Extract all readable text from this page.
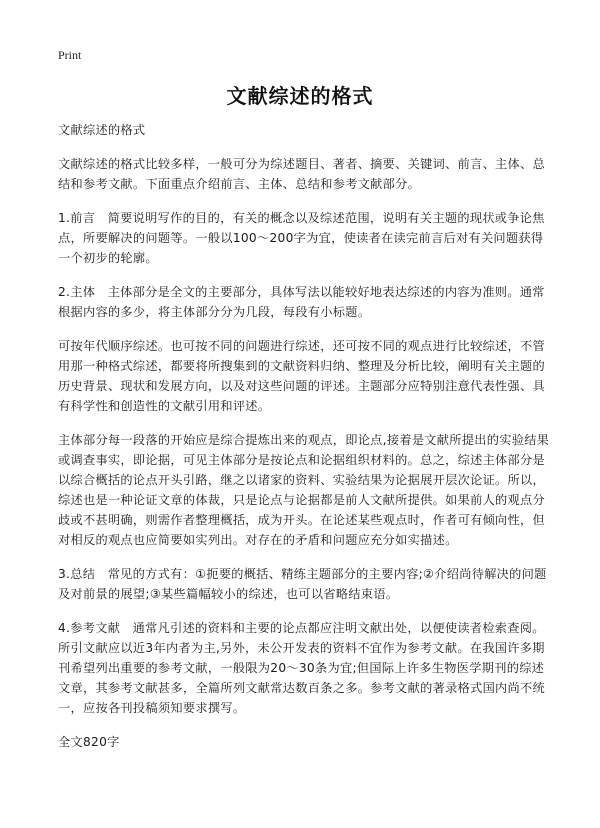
Print
文献综述的格式

文献综述的格式

文献综述的格式比较多样，一般可分为综述题目、著者、摘要、关键词、前言、主体、总结和参考文献。下面重点介绍前言、主体、总结和参考文献部分。

1.前言　简要说明写作的目的，有关的概念以及综述范围，说明有关主题的现状或争论焦点，所要解决的问题等。一般以100～200字为宜，使读者在读完前言后对有关问题获得一个初步的轮廓。

2.主体　主体部分是全文的主要部分，具体写法以能较好地表达综述的内容为准则。通常根据内容的多少，将主体部分分为几段，每段有小标题。

可按年代顺序综述。也可按不同的问题进行综述，还可按不同的观点进行比较综述，不管用那一种格式综述，都要将所搜集到的文献资料归纳、整理及分析比较，阐明有关主题的历史背景、现状和发展方向，以及对这些问题的评述。主题部分应特别注意代表性强、具有科学性和创造性的文献引用和评述。

主体部分每一段落的开始应是综合提炼出来的观点，即论点,接着是文献所提出的实验结果或调查事实，即论据，可见主体部分是按论点和论据组织材料的。总之，综述主体部分是以综合概括的论点开头引路，继之以诸家的资料、实验结果为论据展开层次论证。所以，综述也是一种论证文章的体裁，只是论点与论据都是前人文献所提供。如果前人的观点分歧或不甚明确，则需作者整理概括，成为开头。在论述某些观点时，作者可有倾向性，但对相反的观点也应简要如实列出。对存在的矛盾和问题应充分如实描述。

3.总结　常见的方式有：①扼要的概括、精练主题部分的主要内容;②介绍尚待解决的问题及对前景的展望;③某些篇幅较小的综述，也可以省略结束语。

4.参考文献　通常凡引述的资料和主要的论点都应注明文献出处，以便使读者检索查阅。所引文献应以近3年内者为主,另外，未公开发表的资料不宜作为参考文献。在我国许多期刊希望列出重要的参考文献，一般限为20～30条为宜;但国际上许多生物医学期刊的综述文章，其参考文献甚多，全篇所列文献常达数百条之多。参考文献的著录格式国内尚不统一，应按各刊投稿须知要求撰写。

全文820字
